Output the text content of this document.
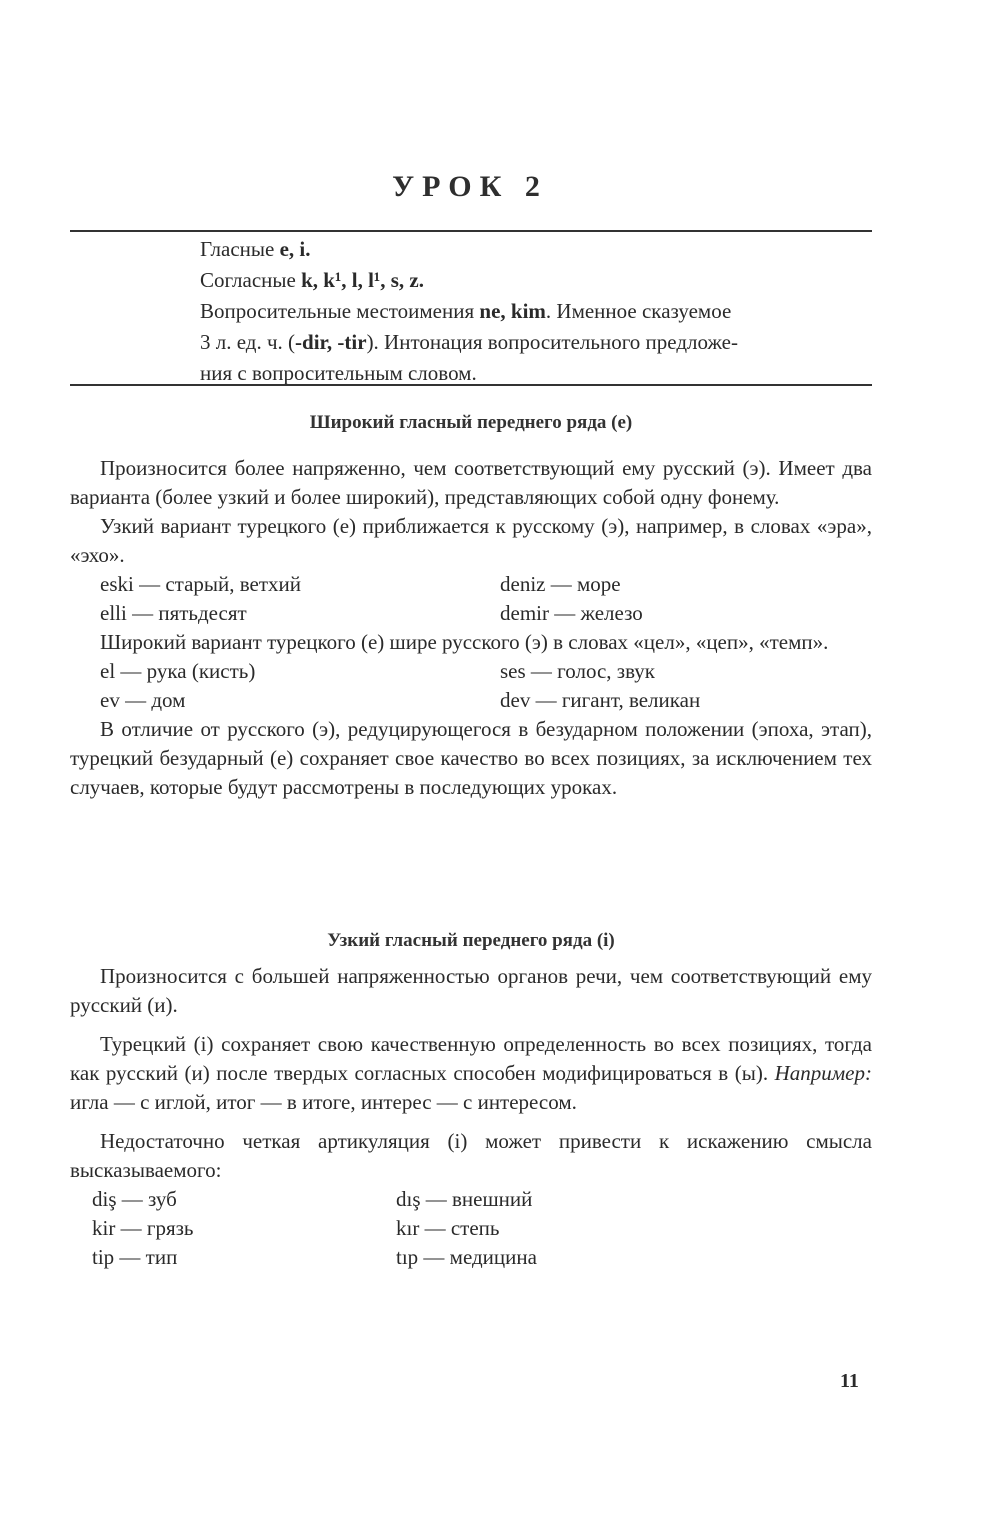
УРОК 2
Гласные e, i.
Согласные k, k¹, l, l¹, s, z.
Вопросительные местоимения ne, kim. Именное сказуемое
3 л. ед. ч. (-dir, -tir). Интонация вопросительного предложе-
ния с вопросительным словом.
Широкий гласный переднего ряда (e)

Произносится более напряженно, чем соответствующий ему русский (э). Имеет два варианта (более узкий и более широкий), представляющих собой одну фонему.

Узкий вариант турецкого (e) приближается к русскому (э), например, в словах «эра», «эхо».

eski — старый, ветхий	deniz — море
elli — пятьдесят	demir — железо

Широкий вариант турецкого (e) шире русского (э) в словах «цел», «цеп», «темп».

el — рука (кисть)	ses — голос, звук
ev — дом	dev — гигант, великан

В отличие от русского (э), редуцирующегося в безударном положении (эпоха, этап), турецкий безударный (e) сохраняет свое качество во всех позициях, за исключением тех случаев, которые будут рассмотрены в последующих уроках.

Узкий гласный переднего ряда (i)

Произносится с большей напряженностью органов речи, чем соответствующий ему русский (и).

Турецкий (i) сохраняет свою качественную определенность во всех позициях, тогда как русский (и) после твердых согласных способен модифицироваться в (ы). Например: игла — с иглой, итог — в итоге, интерес — с интересом.

Недостаточно четкая артикуляция (i) может привести к искажению смысла высказываемого:

diş — зуб	dış — внешний
kir — грязь	kır — степь
tip — тип	tıp — медицина
11
